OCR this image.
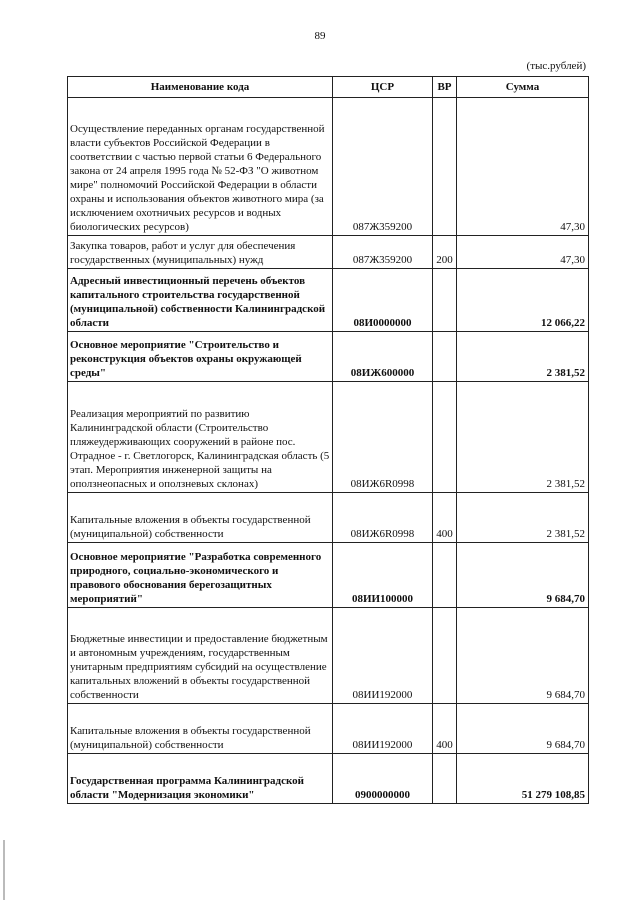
89
(тыс.рублей)
Наименование кода	ЦСР	ВР	Сумма
Осуществление переданных органам государственной власти субъектов Российской Федерации в соответствии с частью первой статьи 6 Федерального закона от 24 апреля 1995 года № 52-ФЗ "О животном мире" полномочий Российской Федерации в области охраны и использования объектов животного мира (за исключением охотничьих ресурсов и водных биологических ресурсов)	087Ж359200		47,30
Закупка товаров, работ и услуг для обеспечения государственных (муниципальных) нужд	087Ж359200	200	47,30
Адресный инвестиционный перечень объектов капитального строительства государственной (муниципальной) собственности Калининградской области	08И0000000		12 066,22
Основное мероприятие "Строительство и реконструкция объектов охраны окружающей среды"	08ИЖ600000		2 381,52
Реализация мероприятий по развитию Калининградской области (Строительство пляжеудерживающих сооружений в районе пос. Отрадное - г. Светлогорск, Калининградская область (5 этап. Мероприятия инженерной защиты на оползнеопасных и оползневых склонах)	08ИЖ6R0998		2 381,52
Капитальные вложения в объекты государственной (муниципальной) собственности	08ИЖ6R0998	400	2 381,52
Основное мероприятие "Разработка современного природного, социально-экономического и правового обоснования берегозащитных мероприятий"	08ИИ100000		9 684,70
Бюджетные инвестиции и предоставление бюджетным и автономным учреждениям, государственным унитарным предприятиям субсидий на осуществление капитальных вложений в объекты государственной собственности	08ИИ192000		9 684,70
Капитальные вложения в объекты государственной (муниципальной) собственности	08ИИ192000	400	9 684,70
Государственная программа Калининградской области "Модернизация экономики"	0900000000		51 279 108,85
